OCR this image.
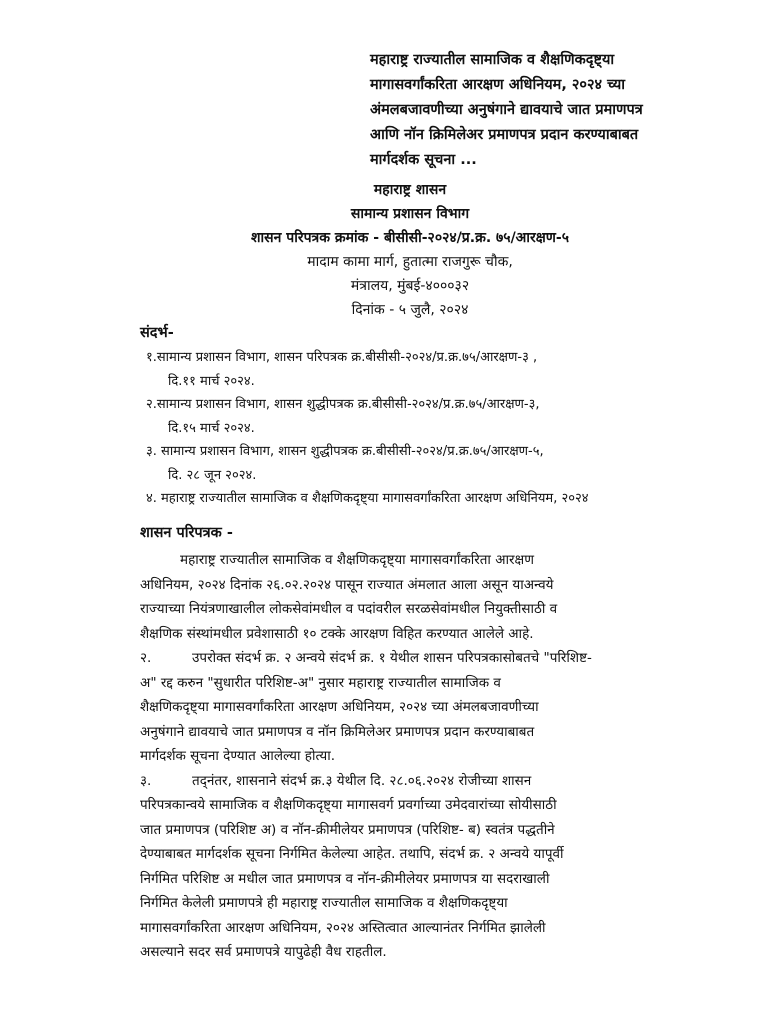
महाराष्ट्र राज्यातील सामाजिक व शैक्षणिकदृष्ट्या
मागासवर्गांकरिता आरक्षण अधिनियम, २०२४ च्या
अंमलबजावणीच्या अनुषंगाने द्यावयाचे जात प्रमाणपत्र
आणि नॉन क्रिमिलेअर प्रमाणपत्र प्रदान करण्याबाबत
मार्गदर्शक सूचना ...
महाराष्ट्र शासन
सामान्य प्रशासन विभाग
शासन परिपत्रक क्रमांक - बीसीसी-२०२४/प्र.क्र. ७५/आरक्षण-५
मादाम कामा मार्ग, हुतात्मा राजगुरू चौक,
मंत्रालय, मुंबई-४०००३२
दिनांक - ५ जुलै, २०२४
संदर्भ-
१.सामान्य प्रशासन विभाग, शासन परिपत्रक क्र.बीसीसी-२०२४/प्र.क्र.७५/आरक्षण-३ ,
दि.११ मार्च २०२४.
२.सामान्य प्रशासन विभाग, शासन शुद्धीपत्रक क्र.बीसीसी-२०२४/प्र.क्र.७५/आरक्षण-३,
दि.१५ मार्च २०२४.
३. सामान्य प्रशासन विभाग, शासन शुद्धीपत्रक क्र.बीसीसी-२०२४/प्र.क्र.७५/आरक्षण-५,
दि. २८ जून २०२४.
४. महाराष्ट्र राज्यातील सामाजिक व शैक्षणिकदृष्ट्या मागासवर्गांकरिता आरक्षण अधिनियम, २०२४
शासन परिपत्रक -
महाराष्ट्र राज्यातील सामाजिक व शैक्षणिकदृष्ट्या मागासवर्गांकरिता आरक्षण
अधिनियम, २०२४ दिनांक २६.०२.२०२४ पासून राज्यात अंमलात आला असून याअन्वये
राज्याच्या नियंत्रणाखालील लोकसेवांमधील व पदांवरील सरळसेवांमधील नियुक्तीसाठी व
शैक्षणिक संस्थांमधील प्रवेशासाठी १० टक्के आरक्षण विहित करण्यात आलेले आहे.
२.	उपरोक्त संदर्भ क्र. २ अन्वये संदर्भ क्र. १ येथील शासन परिपत्रकासोबतचे "परिशिष्ट-
अ" रद्द करुन "सुधारीत परिशिष्ट-अ" नुसार महाराष्ट्र राज्यातील सामाजिक व
शैक्षणिकदृष्ट्या मागासवर्गांकरिता आरक्षण अधिनियम, २०२४ च्या अंमलबजावणीच्या
अनुषंगाने द्यावयाचे जात प्रमाणपत्र व नॉन क्रिमिलेअर प्रमाणपत्र प्रदान करण्याबाबत
मार्गदर्शक सूचना देण्यात आलेल्या होत्या.
३.	तद्नंतर, शासनाने संदर्भ क्र.३ येथील दि. २८.०६.२०२४ रोजीच्या शासन
परिपत्रकान्वये सामाजिक व शैक्षणिकदृष्ट्या मागासवर्ग प्रवर्गाच्या उमेदवारांच्या सोयीसाठी
जात प्रमाणपत्र (परिशिष्ट अ) व नॉन-क्रीमीलेयर प्रमाणपत्र (परिशिष्ट- ब) स्वतंत्र पद्धतीने
देण्याबाबत मार्गदर्शक सूचना निर्गमित केलेल्या आहेत. तथापि, संदर्भ क्र. २ अन्वये यापूर्वी
निर्गमित परिशिष्ट अ मधील जात प्रमाणपत्र व नॉन-क्रीमीलेयर प्रमाणपत्र या सदराखाली
निर्गमित केलेली प्रमाणपत्रे ही महाराष्ट्र राज्यातील सामाजिक व शैक्षणिकदृष्ट्या
मागासवर्गांकरिता आरक्षण अधिनियम, २०२४ अस्तित्वात आल्यानंतर निर्गमित झालेली
असल्याने सदर सर्व प्रमाणपत्रे यापुढेही वैध राहतील.
